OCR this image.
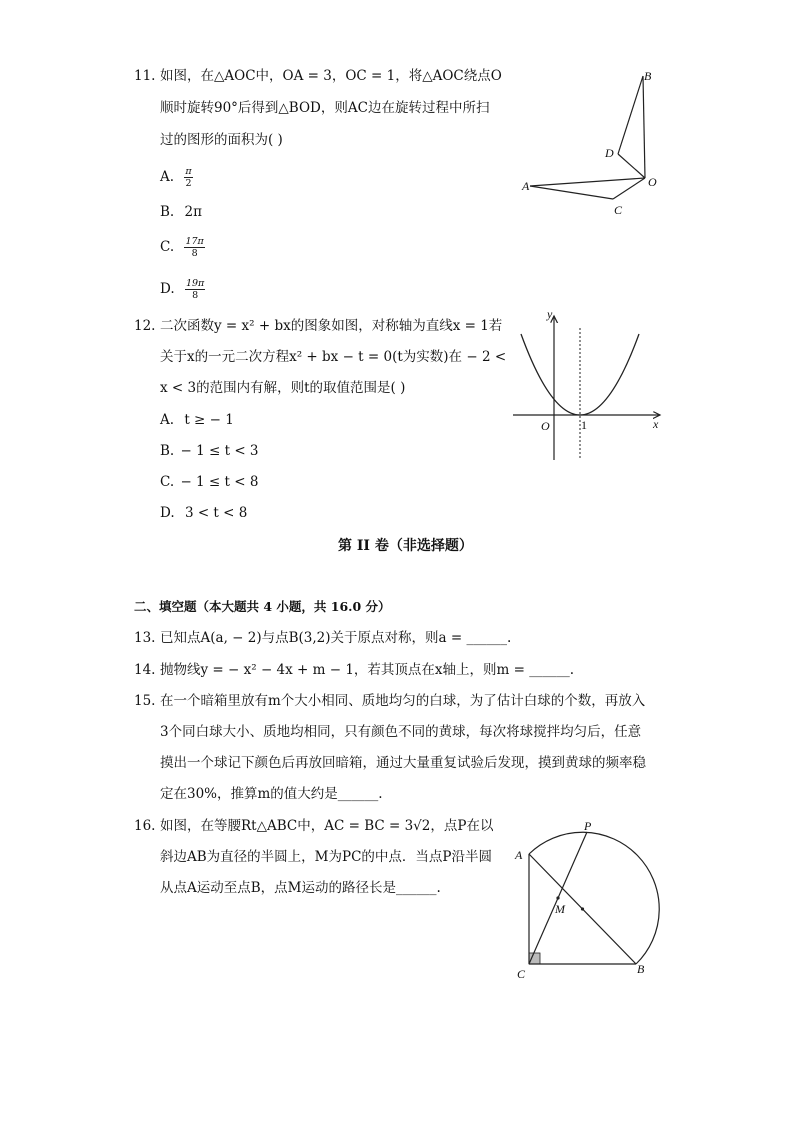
11. 如图，在△AOC中，OA = 3，OC = 1，将△AOC绕点O
顺时旋转90°后得到△BOD，则AC边在旋转过程中所扫
过的图形的面积为( )
A. $\frac{\pi}{2}$
B. 2π
C. $\frac{17\pi}{8}$
D. $\frac{19\pi}{8}$
B
D
A	O
C
12. 二次函数y = x² + bx的图象如图，对称轴为直线x = 1若
关于x的一元二次方程x² + bx − t = 0(t为实数)在 − 2 <
x < 3的范围内有解，则t的取值范围是( )
A. t ≥ − 1
B. − 1 ≤ t < 3
C. − 1 ≤ t < 8
D. 3 < t < 8
y
x
O	1
第 II 卷（非选择题）
二、填空题（本大题共 4 小题，共 16.0 分）
13. 已知点A(a, − 2)与点B(3,2)关于原点对称，则a = ______.
14. 抛物线y = − x² − 4x + m − 1，若其顶点在x轴上，则m = ______.
15. 在一个暗箱里放有m个大小相同、质地均匀的白球，为了估计白球的个数，再放入
3个同白球大小、质地均相同，只有颜色不同的黄球，每次将球搅拌均匀后，任意
摸出一个球记下颜色后再放回暗箱，通过大量重复试验后发现，摸到黄球的频率稳
定在30%，推算m的值大约是______.
16. 如图，在等腰Rt△ABC中，AC = BC = 3√2，点P在以
斜边AB为直径的半圆上，M为PC的中点．当点P沿半圆
从点A运动至点B，点M运动的路径长是______.
P
A
M
C	B
